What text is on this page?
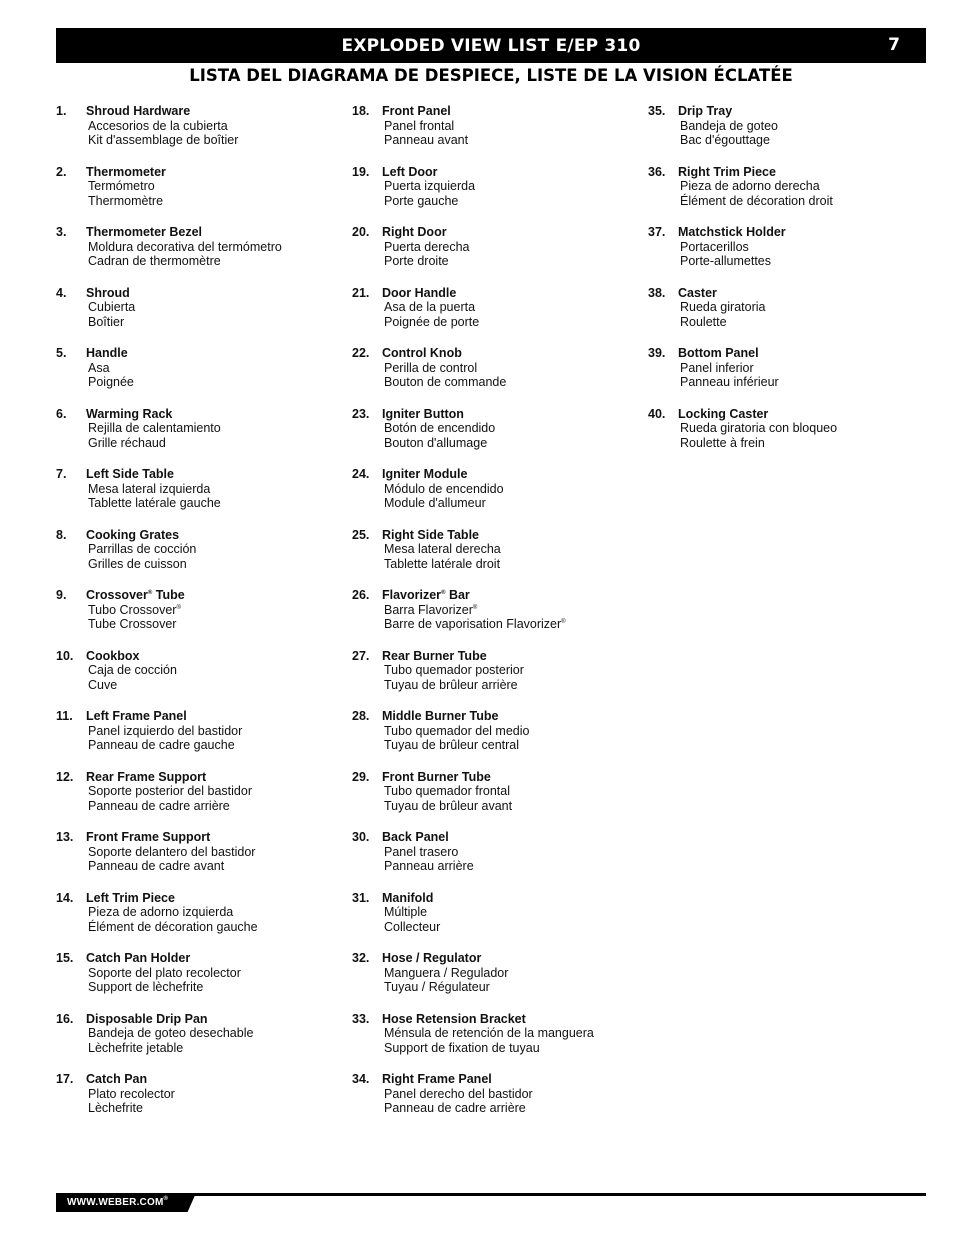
EXPLODED VIEW LIST E/EP 310	7
LISTA DEL DIAGRAMA DE DESPIECE, LISTE DE LA VISION ÉCLATÉE
1. Shroud Hardware
Accesorios de la cubierta
Kit d'assemblage de boîtier
2. Thermometer
Termómetro
Thermomètre
3. Thermometer Bezel
Moldura decorativa del termómetro
Cadran de thermomètre
4. Shroud
Cubierta
Boîtier
5. Handle
Asa
Poignée
6. Warming Rack
Rejilla de calentamiento
Grille réchaud
7. Left Side Table
Mesa lateral izquierda
Tablette latérale gauche
8. Cooking Grates
Parrillas de cocción
Grilles de cuisson
9. Crossover® Tube
Tubo Crossover®
Tube Crossover
10. Cookbox
Caja de cocción
Cuve
11. Left Frame Panel
Panel izquierdo del bastidor
Panneau de cadre gauche
12. Rear Frame Support
Soporte posterior del bastidor
Panneau de cadre arrière
13. Front Frame Support
Soporte delantero del bastidor
Panneau de cadre avant
14. Left Trim Piece
Pieza de adorno izquierda
Élément de décoration gauche
15. Catch Pan Holder
Soporte del plato recolector
Support de lèchefrite
16. Disposable Drip Pan
Bandeja de goteo desechable
Lèchefrite jetable
17. Catch Pan
Plato recolector
Lèchefrite
18. Front Panel
Panel frontal
Panneau avant
19. Left Door
Puerta izquierda
Porte gauche
20. Right Door
Puerta derecha
Porte droite
21. Door Handle
Asa de la puerta
Poignée de porte
22. Control Knob
Perilla de control
Bouton de commande
23. Igniter Button
Botón de encendido
Bouton d'allumage
24. Igniter Module
Módulo de encendido
Module d'allumeur
25. Right Side Table
Mesa lateral derecha
Tablette latérale droit
26. Flavorizer® Bar
Barra Flavorizer®
Barre de vaporisation Flavorizer®
27. Rear Burner Tube
Tubo quemador posterior
Tuyau de brûleur arrière
28. Middle Burner Tube
Tubo quemador del medio
Tuyau de brûleur central
29. Front Burner Tube
Tubo quemador frontal
Tuyau de brûleur avant
30. Back Panel
Panel trasero
Panneau arrière
31. Manifold
Múltiple
Collecteur
32. Hose / Regulator
Manguera / Regulador
Tuyau / Régulateur
33. Hose Retension Bracket
Ménsula de retención de la manguera
Support de fixation de tuyau
34. Right Frame Panel
Panel derecho del bastidor
Panneau de cadre arrière
35. Drip Tray
Bandeja de goteo
Bac d'égouttage
36. Right Trim Piece
Pieza de adorno derecha
Élément de décoration droit
37. Matchstick Holder
Portacerillos
Porte-allumettes
38. Caster
Rueda giratoria
Roulette
39. Bottom Panel
Panel inferior
Panneau inférieur
40. Locking Caster
Rueda giratoria con bloqueo
Roulette à frein
WWW.WEBER.COM®
